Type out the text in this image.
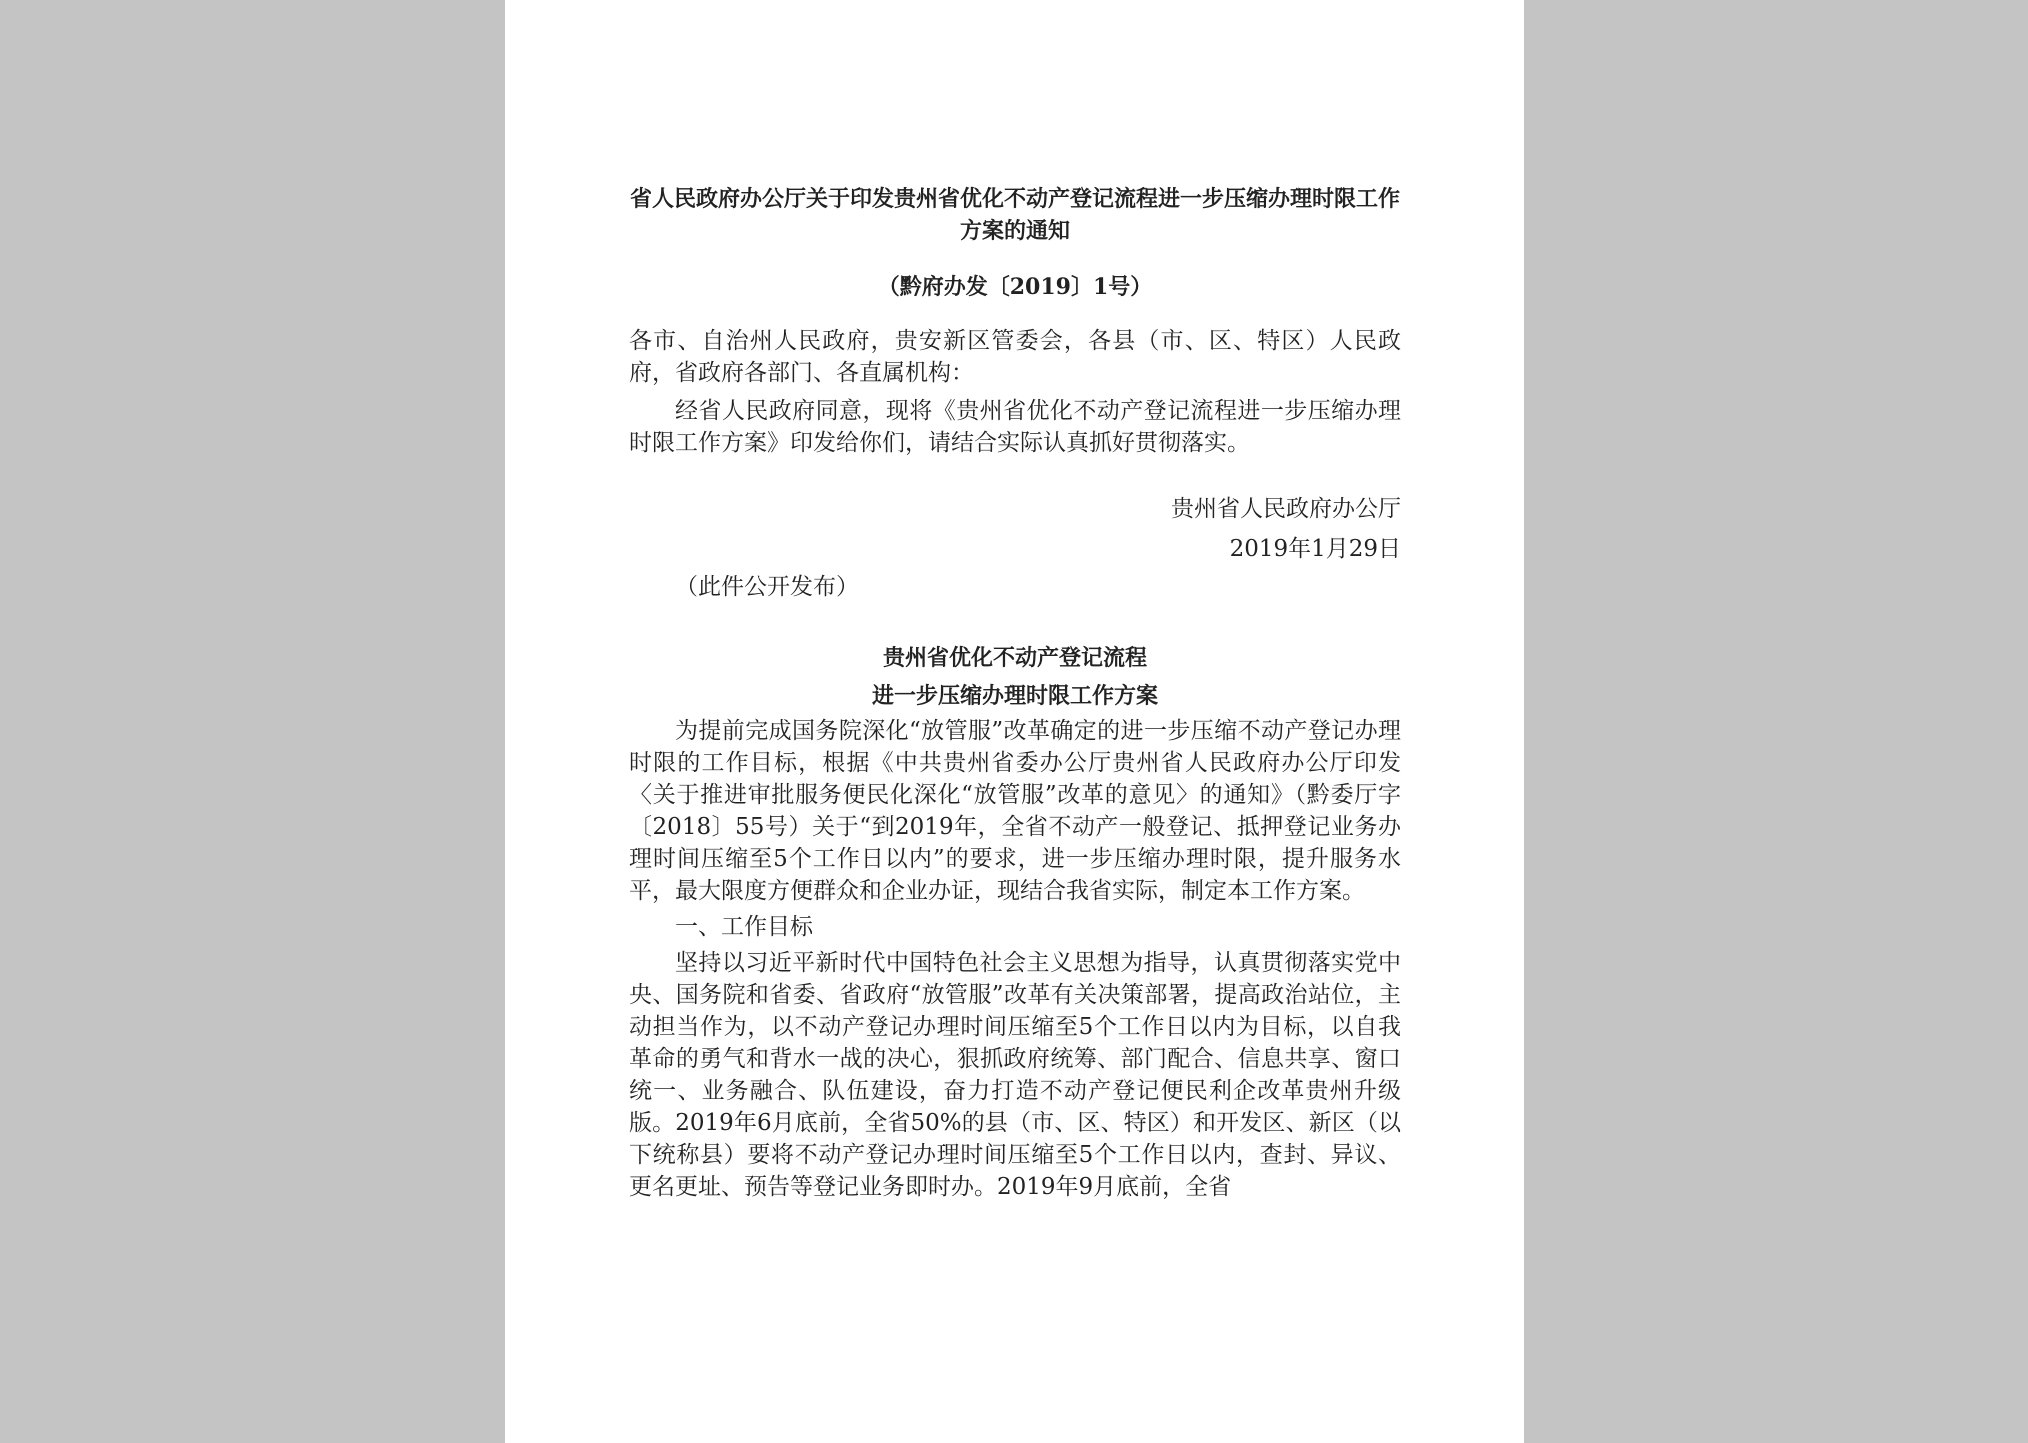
省人民政府办公厅关于印发贵州省优化不动产登记流程进一步压缩办理时限工作方案的通知

（黔府办发〔2019〕1号）

各市、自治州人民政府，贵安新区管委会，各县（市、区、特区）人民政府，省政府各部门、各直属机构：

经省人民政府同意，现将《贵州省优化不动产登记流程进一步压缩办理时限工作方案》印发给你们，请结合实际认真抓好贯彻落实。

贵州省人民政府办公厅

2019年1月29日

（此件公开发布）

贵州省优化不动产登记流程

进一步压缩办理时限工作方案

为提前完成国务院深化“放管服”改革确定的进一步压缩不动产登记办理时限的工作目标，根据《中共贵州省委办公厅贵州省人民政府办公厅印发〈关于推进审批服务便民化深化“放管服”改革的意见〉的通知》（黔委厅字〔2018〕55号）关于“到2019年，全省不动产一般登记、抵押登记业务办理时间压缩至5个工作日以内”的要求，进一步压缩办理时限，提升服务水平，最大限度方便群众和企业办证，现结合我省实际，制定本工作方案。

一、工作目标

坚持以习近平新时代中国特色社会主义思想为指导，认真贯彻落实党中央、国务院和省委、省政府“放管服”改革有关决策部署，提高政治站位，主动担当作为，以不动产登记办理时间压缩至5个工作日以内为目标，以自我革命的勇气和背水一战的决心，狠抓政府统筹、部门配合、信息共享、窗口统一、业务融合、队伍建设，奋力打造不动产登记便民利企改革贵州升级版。2019年6月底前，全省50%的县（市、区、特区）和开发区、新区（以下统称县）要将不动产登记办理时间压缩至5个工作日以内，查封、异议、更名更址、预告等登记业务即时办。2019年9月底前，全省
